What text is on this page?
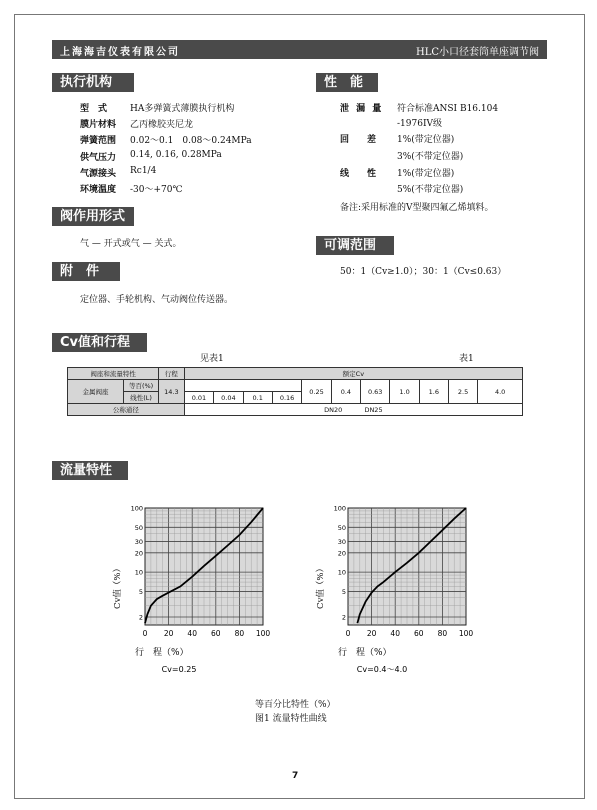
上海海吉仪表有限公司	HLC小口径套筒单座调节阀
执行机构
型　式	HA多弹簧式薄膜执行机构
膜片材料 乙丙橡胶夹尼龙
弹簧范围 0.02～0.1　0.08～0.24MPa
供气压力 0.14, 0.16, 0.28MPa
气源接头 Rc1/4
环境温度 -30～+70℃
阀作用形式
气 — 开式或气 — 关式。
附　件
定位器、手轮机构、气动阀位传送器。
性　能
泄 漏 量 符合标准ANSI B16.104
-1976IV级
回　　差 1%(带定位器)
3%(不带定位器)
线　　性 1%(带定位器)
5%(不带定位器)
备注:采用标准的V型聚四氟乙烯填料。
可调范围
50：1（Cv≥1.0）；30：1（Cv≤0.63）
Cv值和行程
见表1	表1
阀座和流量特性		行程	额定Cv										
金属阀座	等百(%)	14.3					0.25	0.4	0.63	1.0	1.6	2.5	4.0
	线性(L)		0.01	0.04	0.1	0.16							
公称通径			DN20 DN25										
流量特性
0 20 40 60 80 100
2
5
10
20
30
50
100
Cv值（%）
行　程（%）
Cv=0.25
0 20 40 60 80 100
2
5
10
20
30
50
100
Cv值（%）
行　程（%）
Cv=0.4～4.0
等百分比特性（%）
图1 流量特性曲线
7
